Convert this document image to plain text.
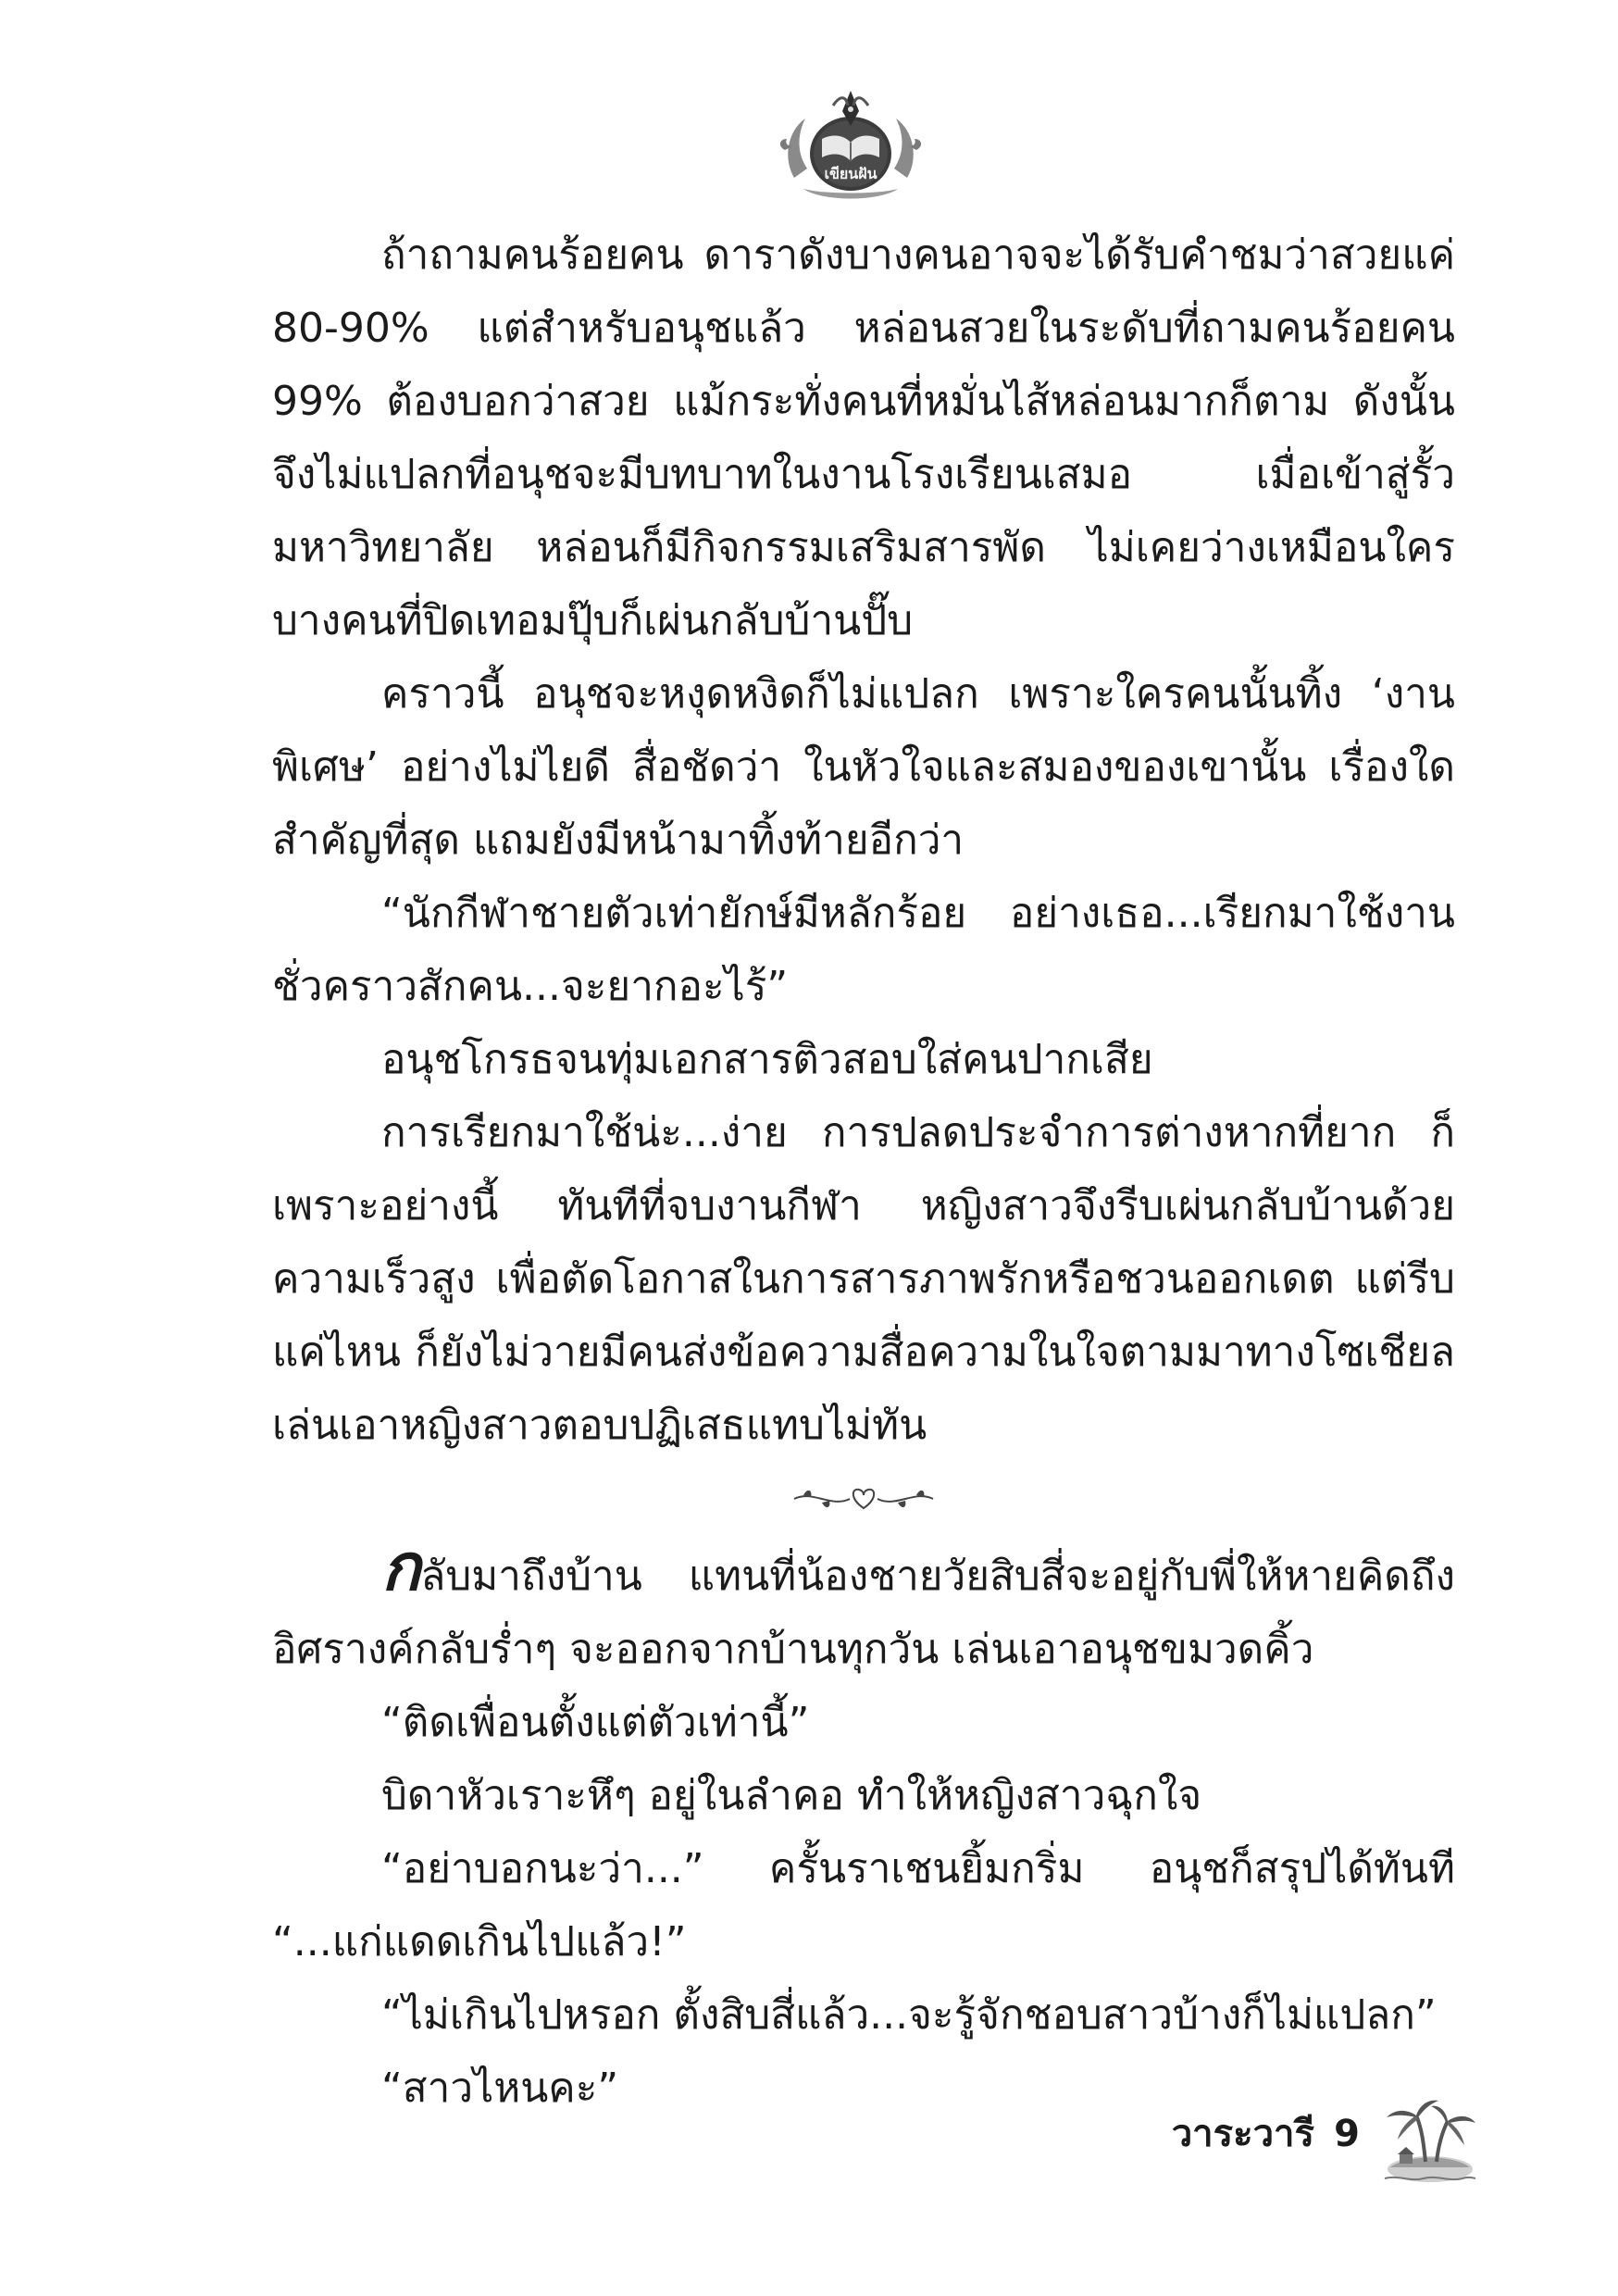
เขียนฝัน

ถ้าถามคนร้อยคน ดาราดังบางคนอาจจะได้รับคำชมว่าสวยแค่ 80-90% แต่สำหรับอนุชแล้ว หล่อนสวยในระดับที่ถามคนร้อยคน 99% ต้องบอกว่าสวย แม้กระทั่งคนที่หมั่นไส้หล่อนมากก็ตาม ดังนั้นจึงไม่แปลกที่อนุชจะมีบทบาทในงานโรงเรียนเสมอ เมื่อเข้าสู่รั้วมหาวิทยาลัย หล่อนก็มีกิจกรรมเสริมสารพัด ไม่เคยว่างเหมือนใครบางคนที่ปิดเทอมปุ๊บก็เผ่นกลับบ้านปั๊บ

คราวนี้ อนุชจะหงุดหงิดก็ไม่แปลก เพราะใครคนนั้นทิ้ง ‘งานพิเศษ’ อย่างไม่ไยดี สื่อชัดว่า ในหัวใจและสมองของเขานั้น เรื่องใดสำคัญที่สุด แถมยังมีหน้ามาทิ้งท้ายอีกว่า

“นักกีฬาชายตัวเท่ายักษ์มีหลักร้อย อย่างเธอ...เรียกมาใช้งานชั่วคราวสักคน...จะยากอะไร้”

อนุชโกรธจนทุ่มเอกสารติวสอบใส่คนปากเสีย

การเรียกมาใช้น่ะ...ง่าย การปลดประจำการต่างหากที่ยาก ก็เพราะอย่างนี้ ทันทีที่จบงานกีฬา หญิงสาวจึงรีบเผ่นกลับบ้านด้วยความเร็วสูง เพื่อตัดโอกาสในการสารภาพรักหรือชวนออกเดต แต่รีบแค่ไหน ก็ยังไม่วายมีคนส่งข้อความสื่อความในใจตามมาทางโซเชียล เล่นเอาหญิงสาวตอบปฏิเสธแทบไม่ทัน

กลับมาถึงบ้าน แทนที่น้องชายวัยสิบสี่จะอยู่กับพี่ให้หายคิดถึง อิศรางค์กลับร่ำๆ จะออกจากบ้านทุกวัน เล่นเอาอนุชขมวดคิ้ว

“ติดเพื่อนตั้งแต่ตัวเท่านี้”

บิดาหัวเราะหึๆ อยู่ในลำคอ ทำให้หญิงสาวฉุกใจ

“อย่าบอกนะว่า...” ครั้นราเชนยิ้มกริ่ม อนุชก็สรุปได้ทันที “...แก่แดดเกินไปแล้ว!”

“ไม่เกินไปหรอก ตั้งสิบสี่แล้ว...จะรู้จักชอบสาวบ้างก็ไม่แปลก”

“สาวไหนคะ”

วาระวารี 9
